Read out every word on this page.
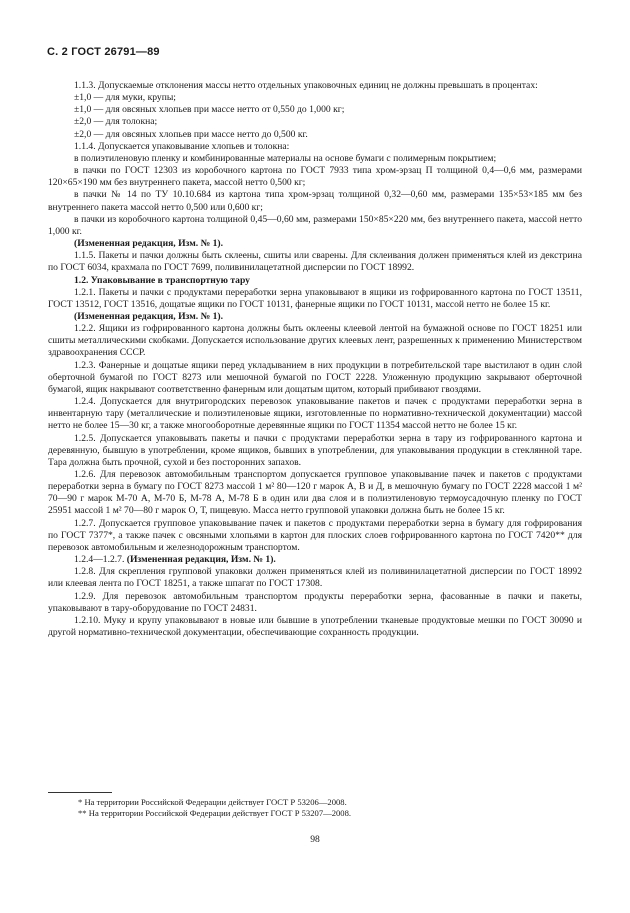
С. 2 ГОСТ 26791—89

1.1.3. Допускаемые отклонения массы нетто отдельных упаковочных единиц не должны превышать в процентах:

±1,0 — для муки, крупы;

±1,0 — для овсяных хлопьев при массе нетто от 0,550 до 1,000 кг;

±2,0 — для толокна;

±2,0 — для овсяных хлопьев при массе нетто до 0,500 кг.

1.1.4. Допускается упаковывание хлопьев и толокна:

в полиэтиленовую пленку и комбинированные материалы на основе бумаги с полимерным покрытием;

в пачки по ГОСТ 12303 из коробочного картона по ГОСТ 7933 типа хром-эрзац П толщиной 0,4—0,6 мм, размерами 120×65×190 мм без внутреннего пакета, массой нетто 0,500 кг;

в пачки № 14 по ТУ 10.10.684 из картона типа хром-эрзац толщиной 0,32—0,60 мм, размерами 135×53×185 мм без внутреннего пакета массой нетто 0,500 или 0,600 кг;

в пачки из коробочного картона толщиной 0,45—0,60 мм, размерами 150×85×220 мм, без внутреннего пакета, массой нетто 1,000 кг.

(Измененная редакция, Изм. № 1).

1.1.5. Пакеты и пачки должны быть склеены, сшиты или сварены. Для склеивания должен применяться клей из декстрина по ГОСТ 6034, крахмала по ГОСТ 7699, поливинилацетатной дисперсии по ГОСТ 18992.

1.2. Упаковывание в транспортную тару

1.2.1. Пакеты и пачки с продуктами переработки зерна упаковывают в ящики из гофрированного картона по ГОСТ 13511, ГОСТ 13512, ГОСТ 13516, дощатые ящики по ГОСТ 10131, фанерные ящики по ГОСТ 10131, массой нетто не более 15 кг.

(Измененная редакция, Изм. № 1).

1.2.2. Ящики из гофрированного картона должны быть оклеены клеевой лентой на бумажной основе по ГОСТ 18251 или сшиты металлическими скобками. Допускается использование других клеевых лент, разрешенных к применению Министерством здравоохранения СССР.

1.2.3. Фанерные и дощатые ящики перед укладыванием в них продукции в потребительской таре выстилают в один слой оберточной бумагой по ГОСТ 8273 или мешочной бумагой по ГОСТ 2228. Уложенную продукцию закрывают оберточной бумагой, ящик накрывают соответственно фанерным или дощатым щитом, который прибивают гвоздями.

1.2.4. Допускается для внутригородских перевозок упаковывание пакетов и пачек с продуктами переработки зерна в инвентарную тару (металлические и полиэтиленовые ящики, изготовленные по нормативно-технической документации) массой нетто не более 15—30 кг, а также многооборотные деревянные ящики по ГОСТ 11354 массой нетто не более 15 кг.

1.2.5. Допускается упаковывать пакеты и пачки с продуктами переработки зерна в тару из гофрированного картона и деревянную, бывшую в употреблении, кроме ящиков, бывших в употреблении, для упаковывания продукции в стеклянной таре. Тара должна быть прочной, сухой и без посторонних запахов.

1.2.6. Для перевозок автомобильным транспортом допускается групповое упаковывание пачек и пакетов с продуктами переработки зерна в бумагу по ГОСТ 8273 массой 1 м² 80—120 г марок А, В и Д, в мешочную бумагу по ГОСТ 2228 массой 1 м² 70—90 г марок М-70 А, М-70 Б, М-78 А, М-78 Б в один или два слоя и в полиэтиленовую термоусадочную пленку по ГОСТ 25951 массой 1 м² 70—80 г марок О, Т, пищевую. Масса нетто групповой упаковки должна быть не более 15 кг.

1.2.7. Допускается групповое упаковывание пачек и пакетов с продуктами переработки зерна в бумагу для гофрирования по ГОСТ 7377*, а также пачек с овсяными хлопьями в картон для плоских слоев гофрированного картона по ГОСТ 7420** для перевозок автомобильным и железнодорожным транспортом.

1.2.4—1.2.7. (Измененная редакция, Изм. № 1).

1.2.8. Для скрепления групповой упаковки должен применяться клей из поливинилацетатной дисперсии по ГОСТ 18992 или клеевая лента по ГОСТ 18251, а также шпагат по ГОСТ 17308.

1.2.9. Для перевозок автомобильным транспортом продукты переработки зерна, фасованные в пачки и пакеты, упаковывают в тару-оборудование по ГОСТ 24831.

1.2.10. Муку и крупу упаковывают в новые или бывшие в употреблении тканевые продуктовые мешки по ГОСТ 30090 и другой нормативно-технической документации, обеспечивающие сохранность продукции.

* На территории Российской Федерации действует ГОСТ Р 53206—2008.

** На территории Российской Федерации действует ГОСТ Р 53207—2008.

98
